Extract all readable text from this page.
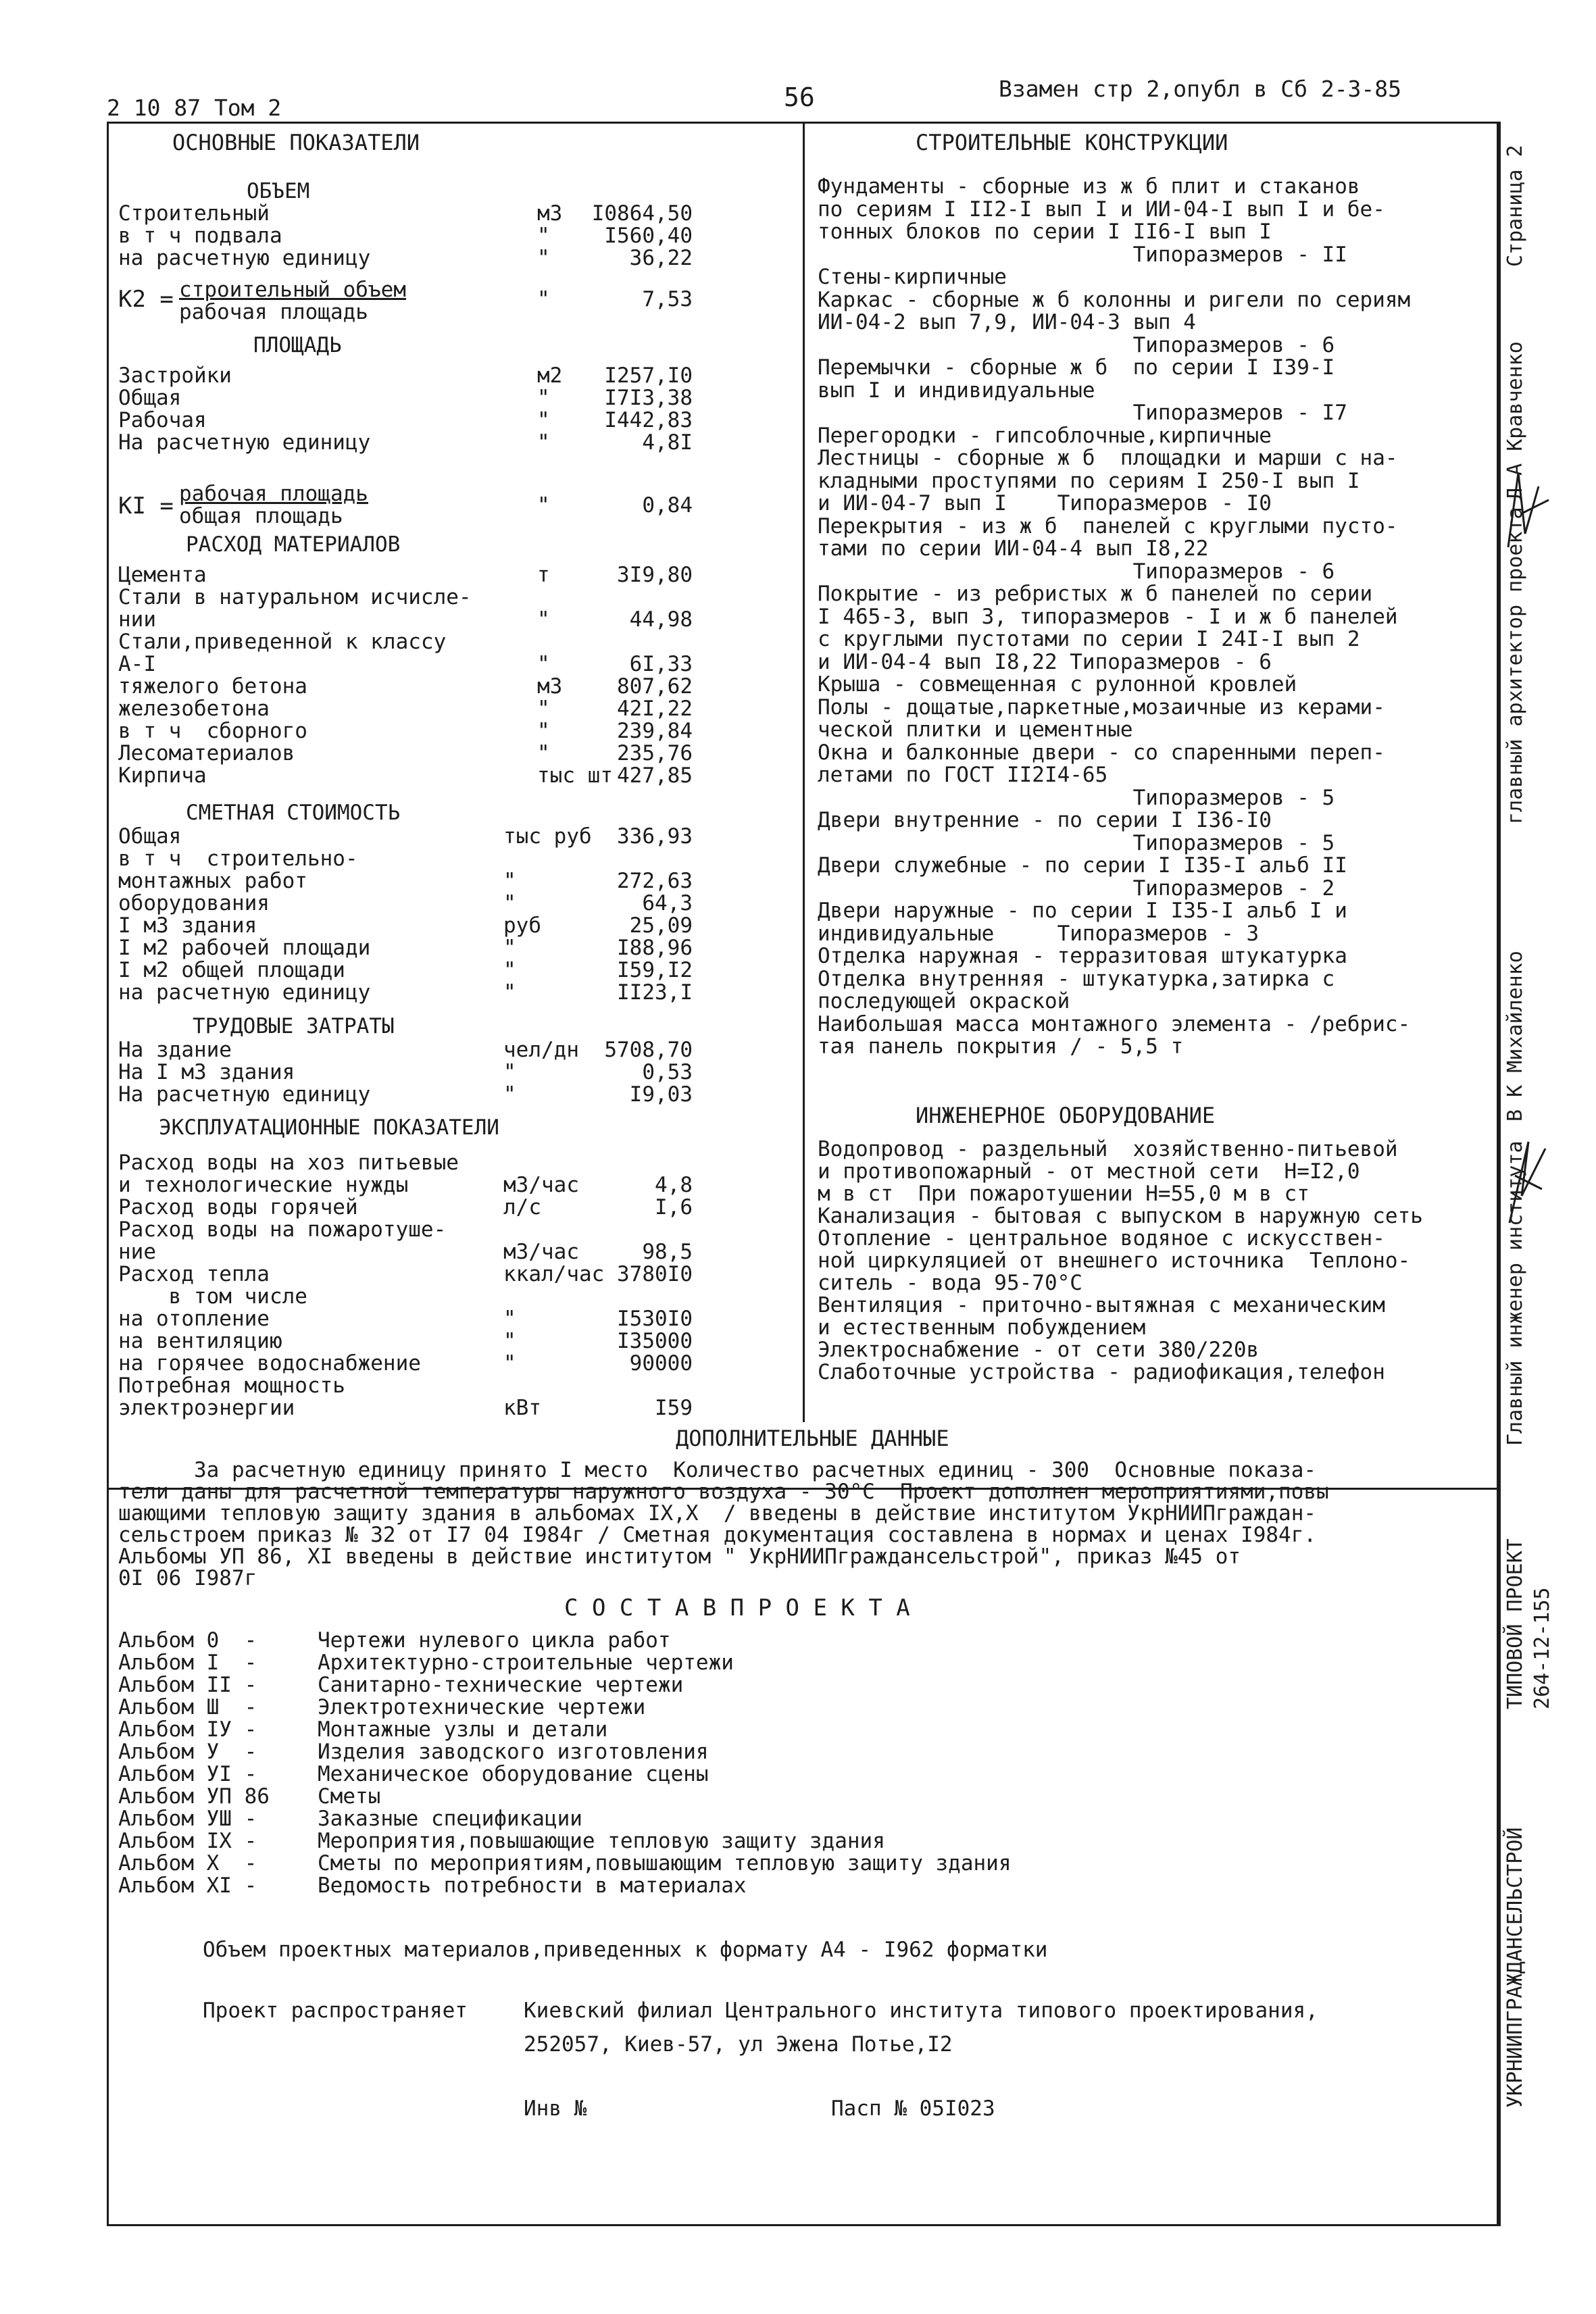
2 10 87 Том 2	56	Взамен стр 2,опубл в Сб 2-3-85
ОСНОВНЫЕ ПОКАЗАТЕЛИ
ОБЪЕМ
Строительный	м3	I0864,50
в т ч подвала	"	I560,40
на расчетную единицу	"	36,22
К2 = строительный объем
рабочая площадь
"	7,53
ПЛОЩАДЬ
Застройки	м2	I257,I0
Общая	"	I7I3,38
Рабочая	"	I442,83
На расчетную единицу	"	4,8I
КI = рабочая площадь
общая площадь	"	0,84
РАСХОД МАТЕРИАЛОВ
Цемента	т	3I9,80
Стали в натуральном исчисле-
нии	"	44,98
Стали,приведенной к классу
А-I	"	6I,33
тяжелого бетона	м3	807,62
железобетона	"	42I,22
в т ч  сборного	"	239,84
Лесоматериалов	"	235,76
Кирпича	тыс шт 427,85
СМЕТНАЯ СТОИМОСТЬ
Общая	тыс руб	336,93
в т ч  строительно-
монтажных работ	"	272,63
оборудования	"	64,3
I м3 здания	руб	25,09
I м2 рабочей площади	"	I88,96
I м2 общей площади	"	I59,I2
на расчетную единицу	"	II23,I
ТРУДОВЫЕ ЗАТРАТЫ
На здание	чел/дн	5708,70
На I м3 здания	"	0,53
На расчетную единицу	"	I9,03
ЭКСПЛУАТАЦИОННЫЕ ПОКАЗАТЕЛИ
Расход воды на хоз питьевые
и технологические нужды	м3/час	4,8
Расход воды горячей	л/с	I,6
Расход воды на пожаротуше-
ние	м3/час	98,5
Расход тепла	ккал/час 3780I0
в том числе
на отопление	"	I530I0
на вентиляцию	"	I35000
на горячее водоснабжение	"	90000
Потребная мощность
электроэнергии	кВт	I59
СТРОИТЕЛЬНЫЕ КОНСТРУКЦИИ
Фундаменты - сборные из ж б плит и стаканов
по сериям I II2-I вып I и ИИ-04-I вып I и бе-
тонных блоков по серии I II6-I вып I
Типоразмеров - II
Стены-кирпичные
Каркас - сборные ж б колонны и ригели по сериям
ИИ-04-2 вып 7,9, ИИ-04-3 вып 4
Типоразмеров - 6
Перемычки - сборные ж б  по серии I I39-I
вып I и индивидуальные
Типоразмеров - I7
Перегородки - гипсоблочные,кирпичные
Лестницы - сборные ж б  площадки и марши с на-
кладными проступями по сериям I 250-I вып I
и ИИ-04-7 вып I    Типоразмеров - I0
Перекрытия - из ж б  панелей с круглыми пусто-
тами по серии ИИ-04-4 вып I8,22
Типоразмеров - 6
Покрытие - из ребристых ж б панелей по серии
I 465-3, вып 3, типоразмеров - I и ж б панелей
с круглыми пустотами по серии I 24I-I вып 2
и ИИ-04-4 вып I8,22 Типоразмеров - 6
Крыша - совмещенная с рулонной кровлей
Полы - дощатые,паркетные,мозаичные из керами-
ческой плитки и цементные
Окна и балконные двери - со спаренными переп-
летами по ГОСТ II2I4-65
Типоразмеров - 5
Двери внутренние - по серии I I36-I0
Типоразмеров - 5
Двери служебные - по серии I I35-I альб II
Типоразмеров - 2
Двери наружные - по серии I I35-I альб I и
индивидуальные     Типоразмеров - 3
Отделка наружная - терразитовая штукатурка
Отделка внутренняя - штукатурка,затирка с
последующей окраской
Наибольшая масса монтажного элемента - /ребрис-
тая панель покрытия / - 5,5 т
ИНЖЕНЕРНОЕ ОБОРУДОВАНИЕ
Водопровод - раздельный  хозяйственно-питьевой
и противопожарный - от местной сети  Н=I2,0
м в ст  При пожаротушении Н=55,0 м в ст
Канализация - бытовая с выпуском в наружную сеть
Отопление - центральное водяное с искусствен-
ной циркуляцией от внешнего источника  Теплоно-
ситель - вода 95-70°С
Вентиляция - приточно-вытяжная с механическим
и естественным побуждением
Электроснабжение - от сети 380/220в
Слаботочные устройства - радиофикация,телефон
ДОПОЛНИТЕЛЬНЫЕ ДАННЫЕ
За расчетную единицу принято I место  Количество расчетных единиц - 300  Основные показа-
тели даны для расчетной температуры наружного воздуха - 30°С  Проект дополнен мероприятиями,повы
шающими тепловую защиту здания в альбомах IX,X  / введены в действие институтом УкрНИИПграждан-
сельстроем приказ № 32 от I7 04 I984г / Сметная документация составлена в нормах и ценах I984г.
Альбомы УП 86, XI введены в действие институтом " УкрНИИПгражданcельстрой", приказ №45 от
0I 06 I987г
С О С Т А В П Р О Е К Т А
Альбом 0  -	Чертежи нулевого цикла работ
Альбом I  -	Архитектурно-строительные чертежи
Альбом II -	Санитарно-технические чертежи
Альбом Ш  -	Электротехнические чертежи
Альбом IУ -	Монтажные узлы и детали
Альбом У  -	Изделия заводского изготовления
Альбом УI -	Механическое оборудование сцены
Альбом УП 86 Сметы
Альбом УШ -	Заказные спецификации
Альбом IX -	Мероприятия,повышающие тепловую защиту здания
Альбом X  -	Сметы по мероприятиям,повышающим тепловую защиту здания
Альбом XI -	Ведомость потребности в материалах
Объем проектных материалов,приведенных к формату А4 - I962 форматки
Проект распространяет	Киевский филиал Центрального института типового проектирования,
252057, Киев-57, ул Эжена Потье,I2
Инв №	Пасп № 05I023
Страница 2
Л А Кравченко
главный архитектор проекта
В К Михайленко
Главный инженер института
ТИПОВОЙ ПРОЕКТ 264-12-155
УКРНИИПГРАЖДАНСЕЛЬСТРОЙ
